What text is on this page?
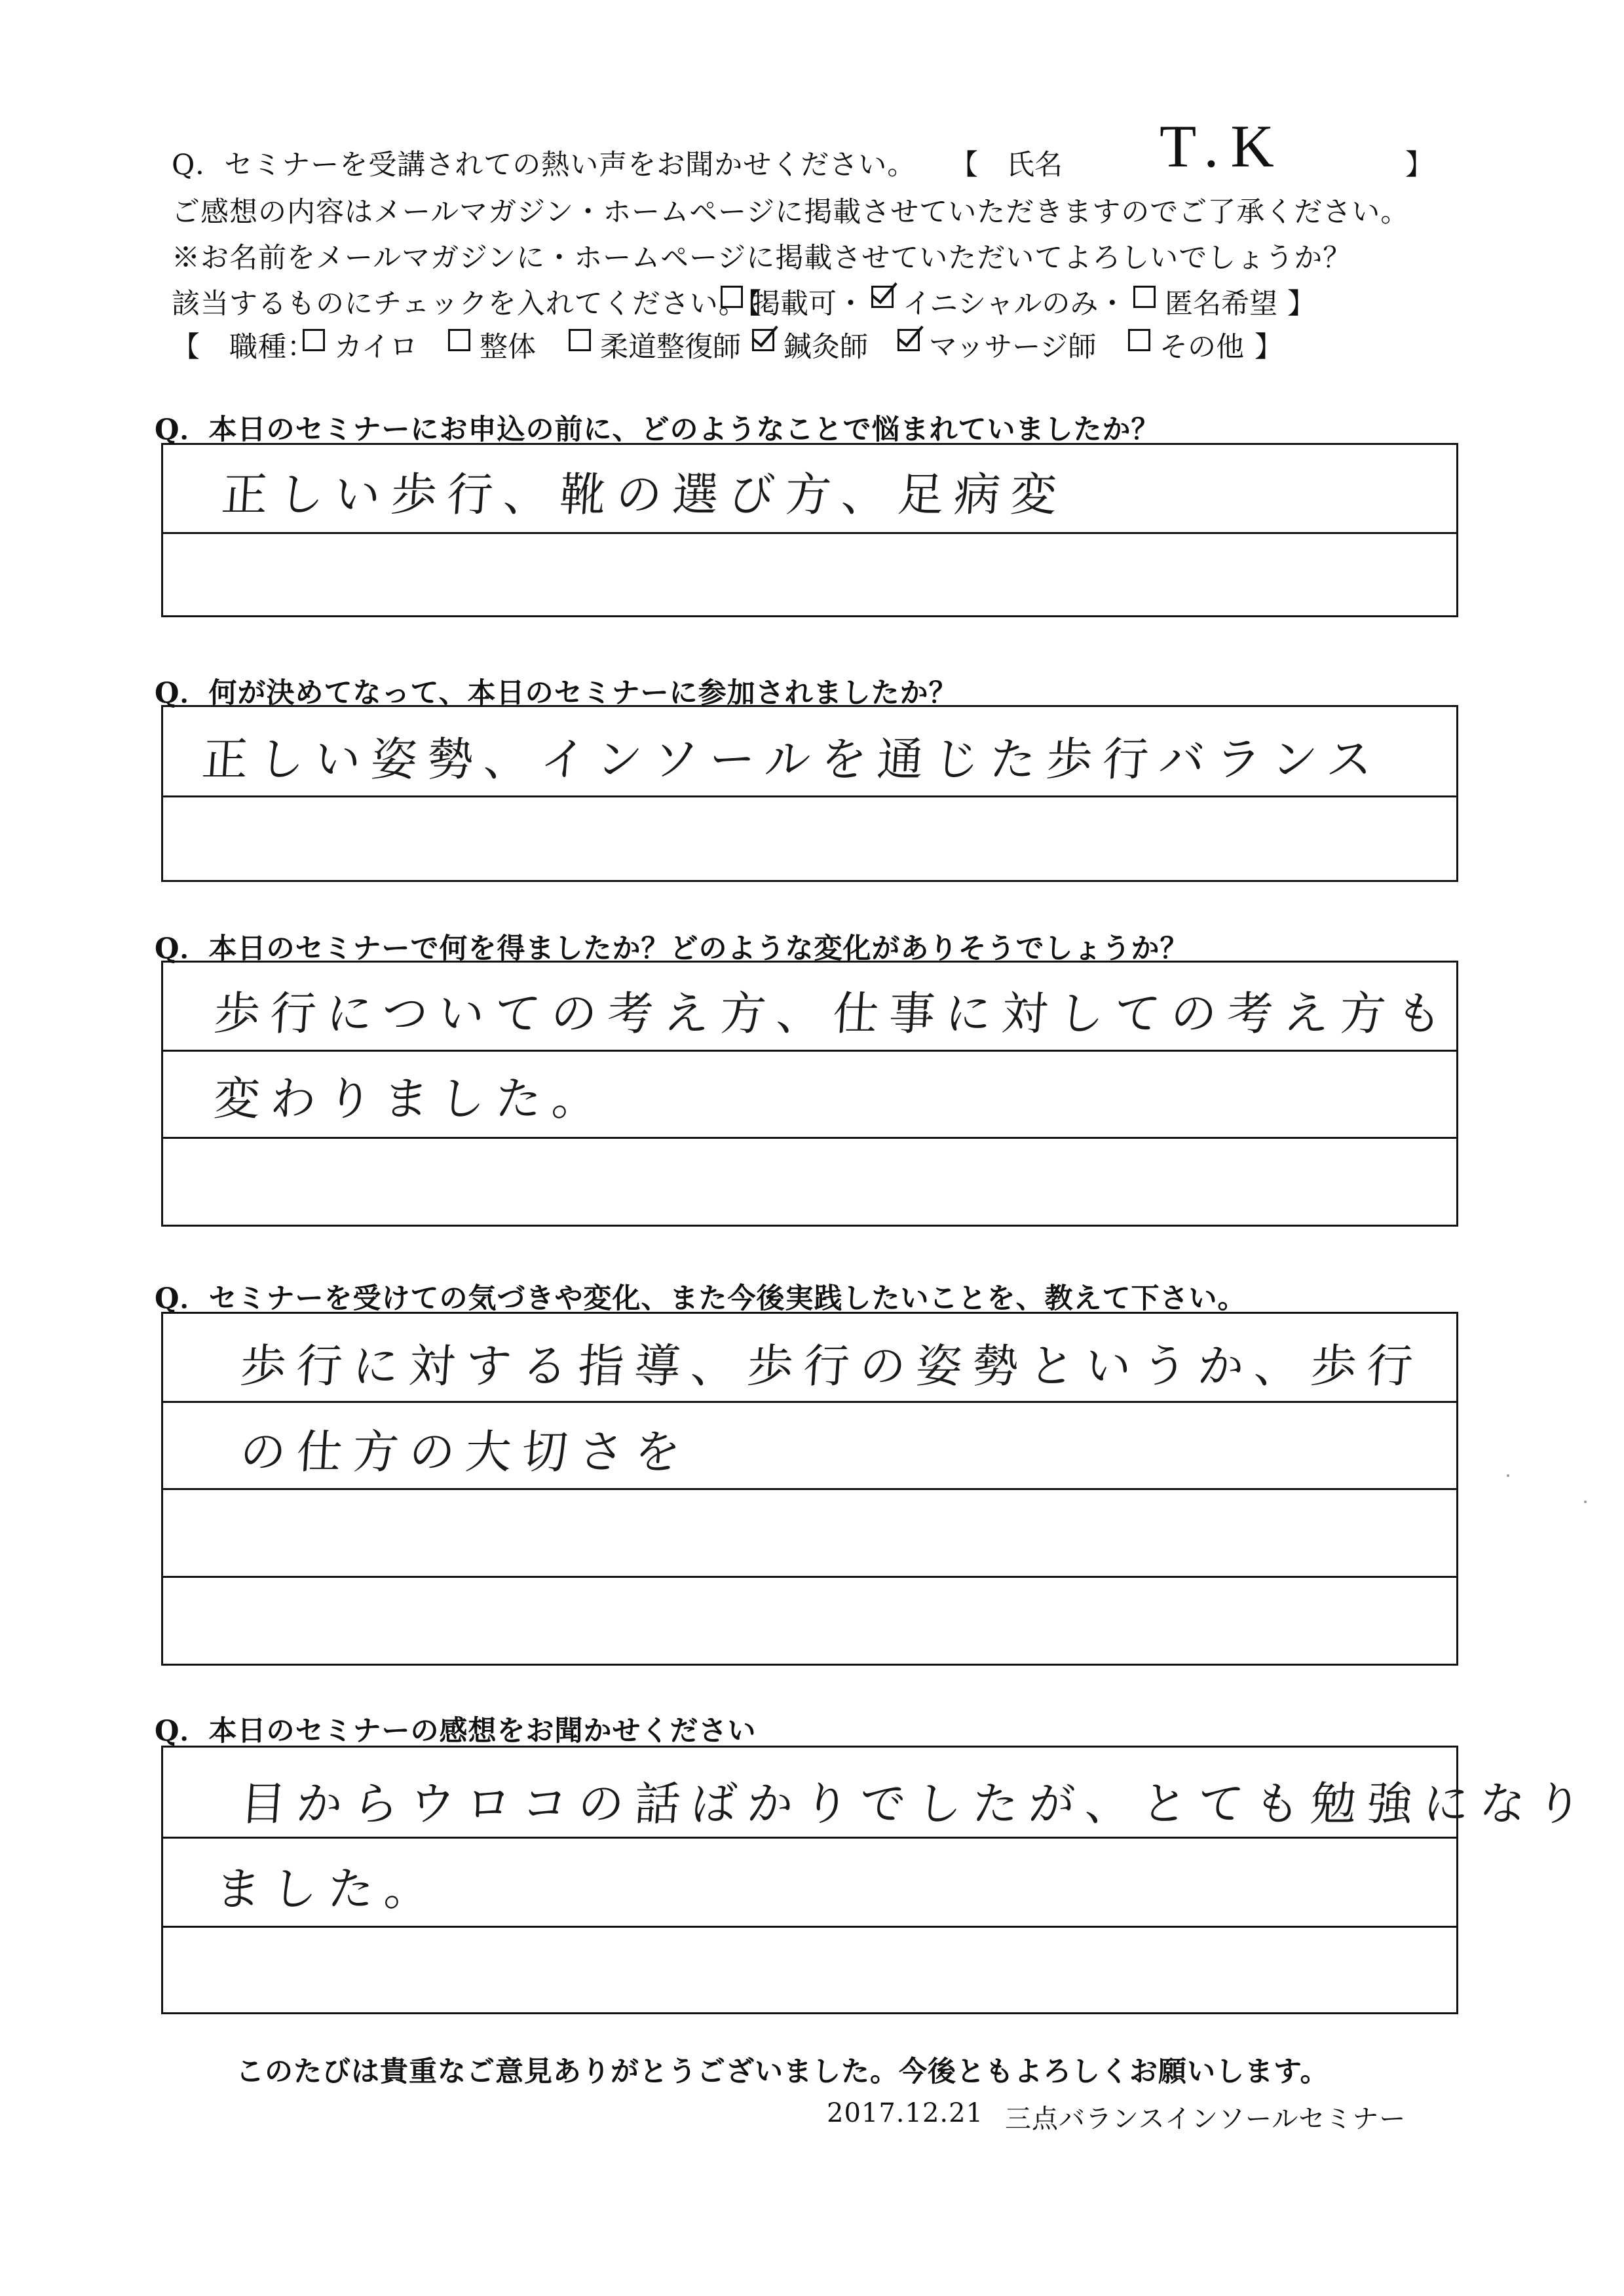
Q．セミナーを受講されての熱い声をお聞かせください。 【　氏名 T.K	】
ご感想の内容はメールマガジン・ホームページに掲載させていただきますのでご了承ください。
※お名前をメールマガジンに・ホームページに掲載させていただいてよろしいでしょうか？
該当するものにチェックを入れてください。【
掲載可・ イニシャルのみ・ 匿名希望 】
【　職種： カイロ 整体 柔道整復師 鍼灸師 マッサージ師 その他 】
Q．本日のセミナーにお申込の前に、どのようなことで悩まれていましたか？
正しい歩行、靴の選び方、足病変
Q．何が決めてなって、本日のセミナーに参加されましたか？
正しい姿勢、インソールを通じた歩行バランス
Q．本日のセミナーで何を得ましたか？どのような変化がありそうでしょうか？
歩行についての考え方、仕事に対しての考え方も
変わりました。
Q．セミナーを受けての気づきや変化、また今後実践したいことを、教えて下さい。
歩行に対する指導、歩行の姿勢というか、歩行
の仕方の大切さを
Q．本日のセミナーの感想をお聞かせください
目からウロコの話ばかりでしたが、とても勉強になり
ました。
このたびは貴重なご意見ありがとうございました。今後ともよろしくお願いします。
2017.12.21 三点バランスインソールセミナー
